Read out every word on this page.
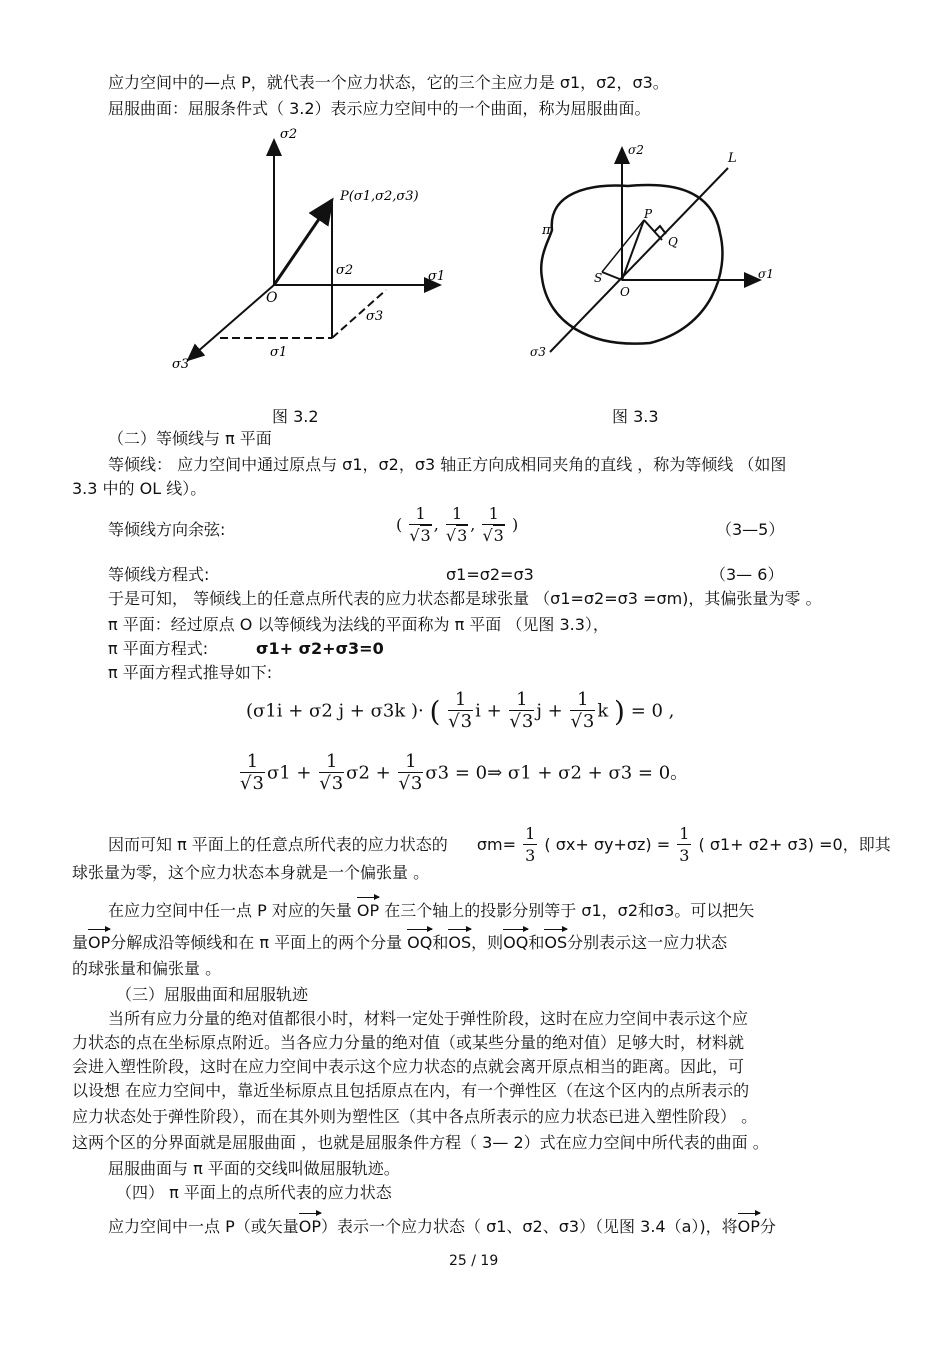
应力空间中的—点 P，就代表一个应力状态，它的三个主应力是 σ1，σ2，σ3。
屈服曲面：屈服条件式（ 3.2）表示应力空间中的一个曲面，称为屈服曲面。
σ2
σ1
σ3
O
P(σ1,σ2,σ3)
σ2
σ3
σ1
图 3.2
σ2
σ1
σ3
L
π
P
Q
S
O
图 3.3
（二）等倾线与 π 平面
等倾线： 应力空间中通过原点与 σ1，σ2，σ3 轴正方向成相同夹角的直线 ，称为等倾线 （如图
3.3 中的 OL 线）。
等倾线方向余弦:	( $\frac{1}{√3}$ , $\frac{1}{√3}$ , $\frac{1}{√3}$ )	（3—5）
等倾线方程式:	σ1=σ2=σ3	（3— 6）
于是可知， 等倾线上的任意点所代表的应力状态都是球张量 （σ1=σ2=σ3 =σm)，其偏张量为零 。
π 平面：经过原点 O 以等倾线为法线的平面称为 π 平面 （见图 3.3），
π 平面方程式:	σ1+ σ2+σ3=0
π 平面方程式推导如下:
(σ1i + σ2 j + σ3k )· ( $\frac{1}{√3}$ $i + \frac{1}{√3}$ $j + \frac{1}{√3}$ k ) = 0 ,
$\frac{1}{√3} \sigma 1 + \frac{1}{√3} \sigma 2 + \frac{1}{√3} \sigma 3$ = 0⇒ σ1 + σ2 + σ3 = 0。
因而可知 π 平面上的任意点所代表的应力状态的 $\sigma m= \frac{1}{3}$ ( $\sigma x+ \sigma y+\sigma z) = \frac{1}{3}$ ( σ1+ σ2+ σ3) =0，即其
球张量为零，这个应力状态本身就是一个偏张量 。
在应力空间中任一点 P 对应的矢量 OP 在三个轴上的投影分别等于 σ1，σ2和σ3。可以把矢
量OP分解成沿等倾线和在 π 平面上的两个分量 OQ和OS，则OQ和OS分别表示这一应力状态
的球张量和偏张量 。
（三）屈服曲面和屈服轨迹
当所有应力分量的绝对值都很小时，材料一定处于弹性阶段，这时在应力空间中表示这个应
力状态的点在坐标原点附近。当各应力分量的绝对值（或某些分量的绝对值）足够大时，材料就
会进入塑性阶段，这时在应力空间中表示这个应力状态的点就会离开原点相当的距离。因此，可
以设想 在应力空间中，靠近坐标原点且包括原点在内，有一个弹性区（在这个区内的点所表示的
应力状态处于弹性阶段），而在其外则为塑性区（其中各点所表示的应力状态已进入塑性阶段） 。
这两个区的分界面就是屈服曲面 ，也就是屈服条件方程（ 3— 2）式在应力空间中所代表的曲面 。
屈服曲面与 π 平面的交线叫做屈服轨迹。
（四） π 平面上的点所代表的应力状态
应力空间中一点 P（或矢量OP）表示一个应力状态（ σ1、σ2、σ3）（见图 3.4（a）)，将OP分
25 / 19
